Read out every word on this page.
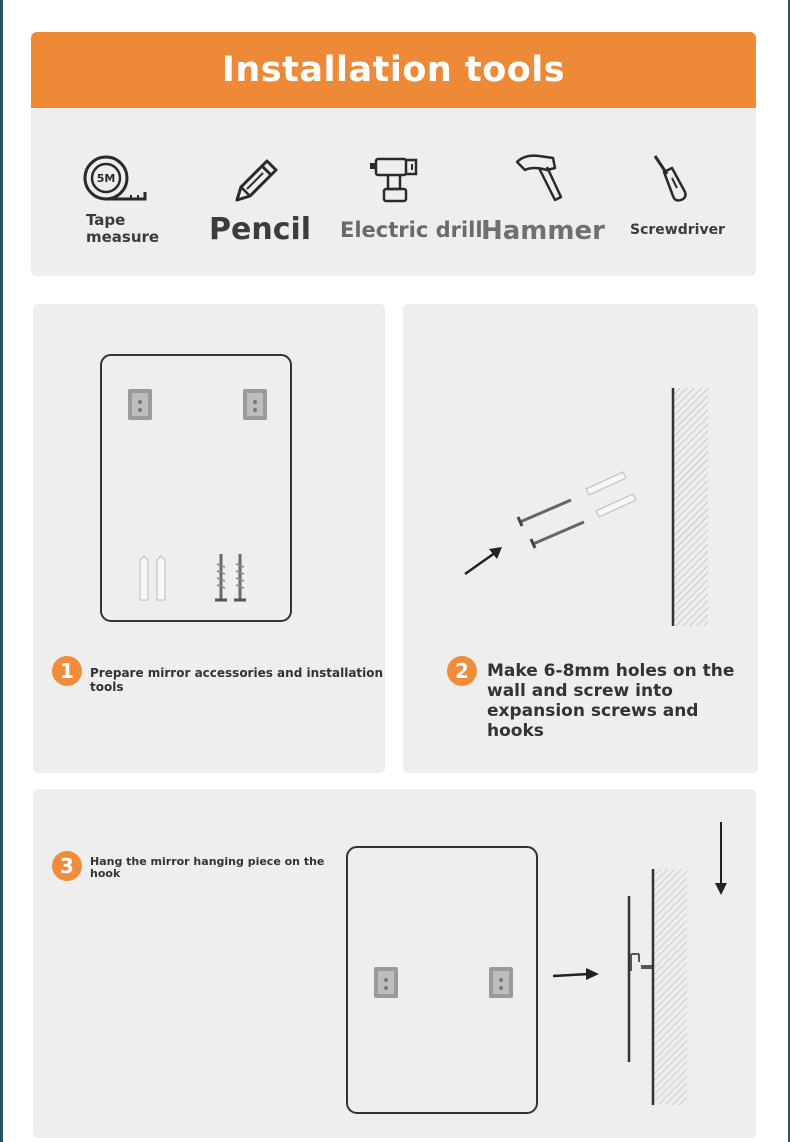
Installation tools
5M
Tape measure	Pencil Electric drill
Hammer Screwdriver
1	Prepare mirror accessories and installation tools
2	Make 6-8mm holes on the wall and screw into expansion screws and hooks
3	Hang the mirror hanging piece on the hook
